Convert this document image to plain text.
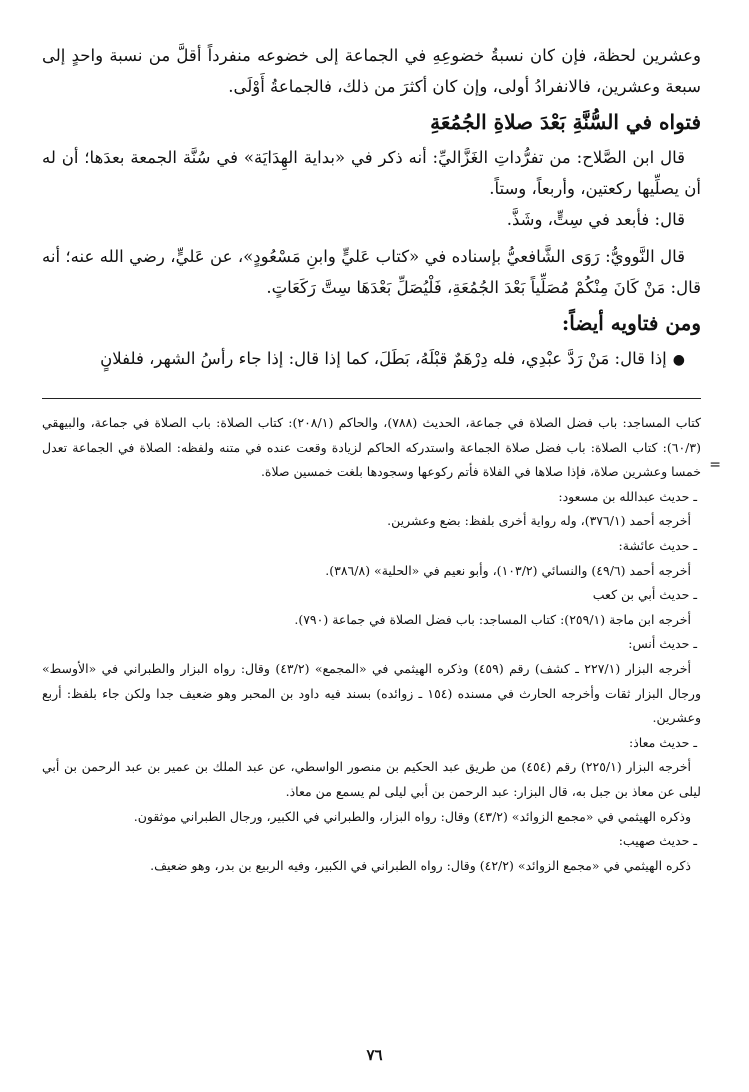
وعشرين لحظة، فإن كان نسبةُ خضوعِهِ في الجماعة إلى خضوعه منفرداً أقلَّ من نسبة واحدٍ إلى سبعة وعشرين، فالانفرادُ أولى، وإن كان أكثرَ من ذلك، فالجماعةُ أَوْلَى.

فتواه في السُّنَّةِ بَعْدَ صلاةِ الجُمُعَةِ

قال ابن الصَّلاح: من تفرُّداتِ الغَزَّاليِّ: أنه ذكر في «بداية الهِدَايَة» في سُنَّة الجمعة بعدَها؛ أن له أن يصلِّيها ركعتين، وأربعاً، وستاً.

قال: فأبعد في سِتٍّ، وشَذَّ.

قال النَّوويُّ: رَوَى الشَّافعيُّ بإسناده في «كتاب عَليٍّ وابنِ مَسْعُودٍ»، عن عَليٍّ، رضي الله عنه؛ أنه قال: مَنْ كَانَ مِنْكُمْ مُصَلِّياً بَعْدَ الجُمُعَةِ، فَلْيُصَلِّ بَعْدَهَا سِتَّ رَكَعَاتٍ.

ومن فتاويه أيضاً:

●إذا قال: مَنْ رَدَّ عبْدِي، فله دِرْهَمٌ قبْلَهُ، بَطَلَ، كما إذا قال: إذا جاء رأسُ الشهر، فلفلانٍ

كتاب المساجد: باب فضل الصلاة في جماعة، الحديث (٧٨٨)، والحاكم (٢٠٨/١): كتاب الصلاة: باب الصلاة في جماعة، والبيهقي (٦٠/٣): كتاب الصلاة: باب فضل صلاة الجماعة واستدركه الحاكم لزيادة وقعت عنده في متنه ولفظه: الصلاة في الجماعة تعدل خمسا وعشرين صلاة، فإذا صلاها في الفلاة فأتم ركوعها وسجودها بلغت خمسين صلاة.

ـ حديث عبدالله بن مسعود:

أخرجه أحمد (٣٧٦/١)، وله رواية أخرى بلفظ: بضع وعشرين.

ـ حديث عائشة:

أخرجه أحمد (٤٩/٦) والنسائي (١٠٣/٢)، وأبو نعيم في «الحلية» (٣٨٦/٨).

ـ حديث أبي بن كعب

أخرجه ابن ماجة (٢٥٩/١): كتاب المساجد: باب فضل الصلاة في جماعة (٧٩٠).

ـ حديث أنس:

أخرجه البزار (٢٢٧/١ ـ كشف) رقم (٤٥٩) وذكره الهيثمي في «المجمع» (٤٣/٢) وقال: رواه البزار والطبراني في «الأوسط» ورجال البزار ثقات وأخرجه الحارث في مسنده (١٥٤ ـ زوائده) بسند فيه داود بن المحبر وهو ضعيف جدا ولكن جاء بلفظ: أربع وعشرين.

ـ حديث معاذ:

أخرجه البزار (٢٢٥/١) رقم (٤٥٤) من طريق عبد الحكيم بن منصور الواسطي، عن عبد الملك بن عمير بن عبد الرحمن بن أبي ليلى عن معاذ بن جبل به، قال البزار: عبد الرحمن بن أبي ليلى لم يسمع من معاذ.

وذكره الهيثمي في «مجمع الزوائد» (٤٣/٢) وقال: رواه البزار، والطبراني في الكبير، ورجال الطبراني موثقون.

ـ حديث صهيب:

ذكره الهيثمي في «مجمع الزوائد» (٤٢/٢) وقال: رواه الطبراني في الكبير، وفيه الربيع بن بدر، وهو ضعيف.

=
٧٦
